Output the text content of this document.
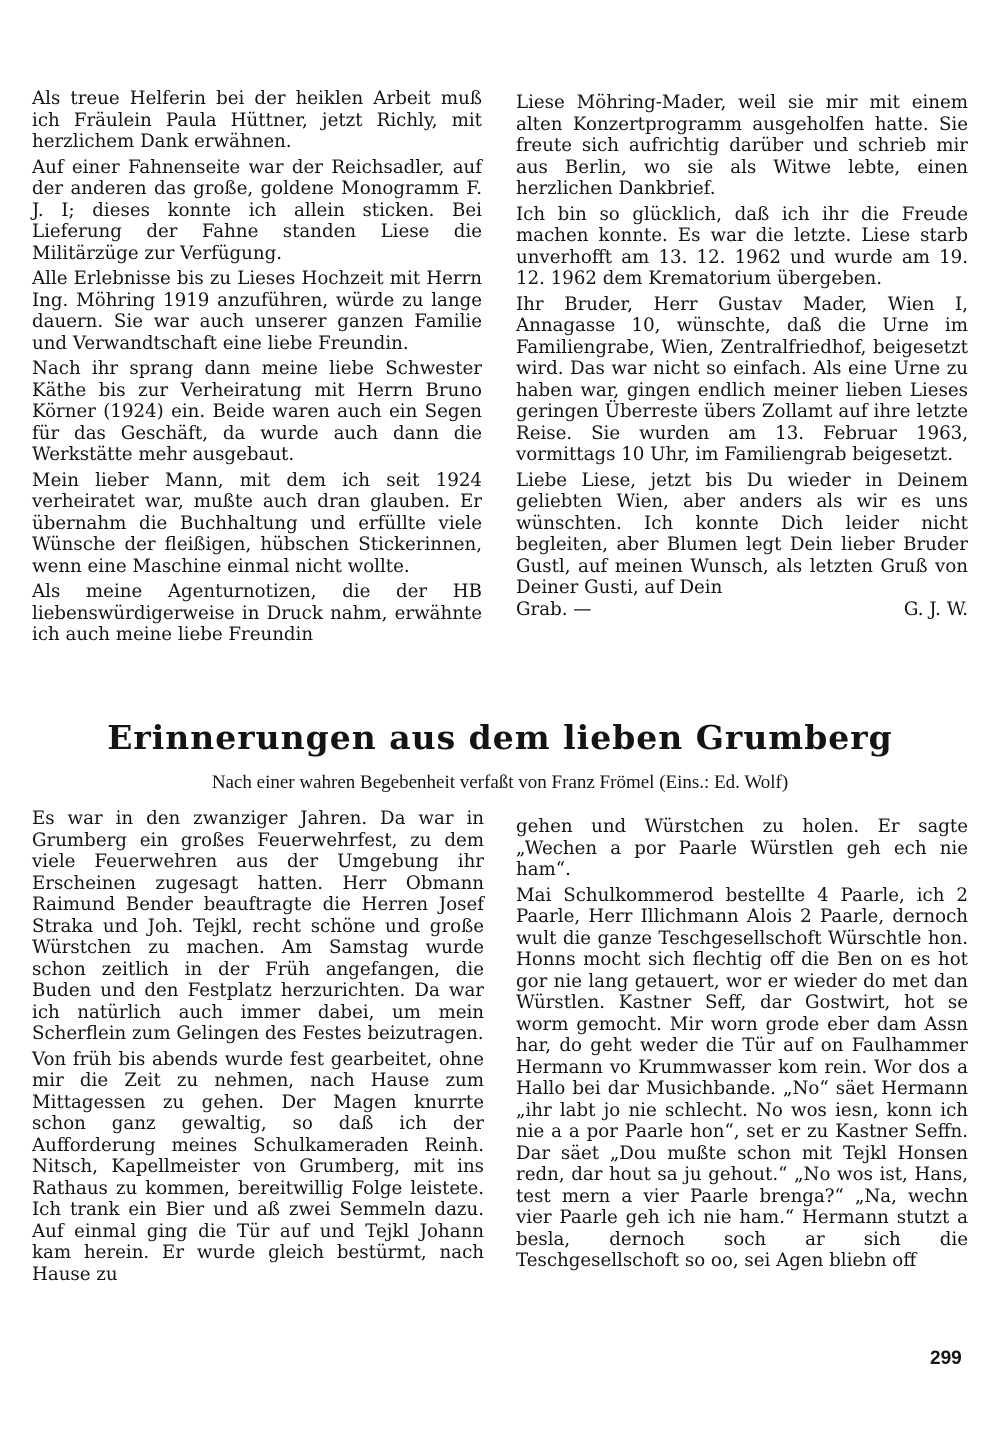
Als treue Helferin bei der heiklen Arbeit muß ich Fräulein Paula Hüttner, jetzt Richly, mit herzlichem Dank erwähnen.

Auf einer Fahnenseite war der Reichsadler, auf der anderen das große, goldene Monogramm F. J. I; dieses konnte ich allein sticken. Bei Lieferung der Fahne standen Liese die Militärzüge zur Verfügung.

Alle Erlebnisse bis zu Lieses Hochzeit mit Herrn Ing. Möhring 1919 anzuführen, würde zu lange dauern. Sie war auch unserer ganzen Familie und Verwandtschaft eine liebe Freundin.

Nach ihr sprang dann meine liebe Schwester Käthe bis zur Verheiratung mit Herrn Bruno Körner (1924) ein. Beide waren auch ein Segen für das Geschäft, da wurde auch dann die Werkstätte mehr ausgebaut.

Mein lieber Mann, mit dem ich seit 1924 verheiratet war, mußte auch dran glauben. Er übernahm die Buchhaltung und erfüllte viele Wünsche der fleißigen, hübschen Stickerinnen, wenn eine Maschine einmal nicht wollte.

Als meine Agenturnotizen, die der HB liebenswürdigerweise in Druck nahm, erwähnte ich auch meine liebe Freundin

Liese Möhring-Mader, weil sie mir mit einem alten Konzertprogramm ausgeholfen hatte. Sie freute sich aufrichtig darüber und schrieb mir aus Berlin, wo sie als Witwe lebte, einen herzlichen Dankbrief.

Ich bin so glücklich, daß ich ihr die Freude machen konnte. Es war die letzte. Liese starb unverhofft am 13. 12. 1962 und wurde am 19. 12. 1962 dem Krematorium übergeben.

Ihr Bruder, Herr Gustav Mader, Wien I, Annagasse 10, wünschte, daß die Urne im Familiengrabe, Wien, Zentralfriedhof, beigesetzt wird. Das war nicht so einfach. Als eine Urne zu haben war, gingen endlich meiner lieben Lieses geringen Überreste übers Zollamt auf ihre letzte Reise. Sie wurden am 13. Februar 1963, vormittags 10 Uhr, im Familiengrab beigesetzt.

Liebe Liese, jetzt bis Du wieder in Deinem geliebten Wien, aber anders als wir es uns wünschten. Ich konnte Dich leider nicht begleiten, aber Blumen legt Dein lieber Bruder Gustl, auf meinen Wunsch, als letzten Gruß von Deiner Gusti, auf Dein

Grab. —	G. J. W.
Erinnerungen aus dem lieben Grumberg
Nach einer wahren Begebenheit verfaßt von Franz Frömel (Eins.: Ed. Wolf)

Es war in den zwanziger Jahren. Da war in Grumberg ein großes Feuerwehrfest, zu dem viele Feuerwehren aus der Umgebung ihr Erscheinen zugesagt hatten. Herr Obmann Raimund Bender beauftragte die Herren Josef Straka und Joh. Tejkl, recht schöne und große Würstchen zu machen. Am Samstag wurde schon zeitlich in der Früh angefangen, die Buden und den Festplatz herzurichten. Da war ich natürlich auch immer dabei, um mein Scherflein zum Gelingen des Festes beizutragen.

Von früh bis abends wurde fest gearbeitet, ohne mir die Zeit zu nehmen, nach Hause zum Mittagessen zu gehen. Der Magen knurrte schon ganz gewaltig, so daß ich der Aufforderung meines Schulkameraden Reinh. Nitsch, Kapellmeister von Grumberg, mit ins Rathaus zu kommen, bereitwillig Folge leistete. Ich trank ein Bier und aß zwei Semmeln dazu. Auf einmal ging die Tür auf und Tejkl Johann kam herein. Er wurde gleich bestürmt, nach Hause zu

gehen und Würstchen zu holen. Er sagte „Wechen a por Paarle Würstlen geh ech nie ham“.

Mai Schulkommerod bestellte 4 Paarle, ich 2 Paarle, Herr Illichmann Alois 2 Paarle, dernoch wult die ganze Teschgesellschoft Würschtle hon. Honns mocht sich flechtig off die Ben on es hot gor nie lang getauert, wor er wieder do met dan Würstlen. Kastner Seff, dar Gostwirt, hot se worm gemocht. Mir worn grode eber dam Assn har, do geht weder die Tür auf on Faulhammer Hermann vo Krummwasser kom rein. Wor dos a Hallo bei dar Musichbande. „No“ säet Hermann „ihr labt jo nie schlecht. No wos iesn, konn ich nie a a por Paarle hon“, set er zu Kastner Seffn. Dar säet „Dou mußte schon mit Tejkl Honsen redn, dar hout sa ju gehout.“ „No wos ist, Hans, test mern a vier Paarle brenga?“ „Na, wechn vier Paarle geh ich nie ham.“ Hermann stutzt a besla, dernoch soch ar sich die Teschgesellschoft so oo, sei Agen bliebn off

299
